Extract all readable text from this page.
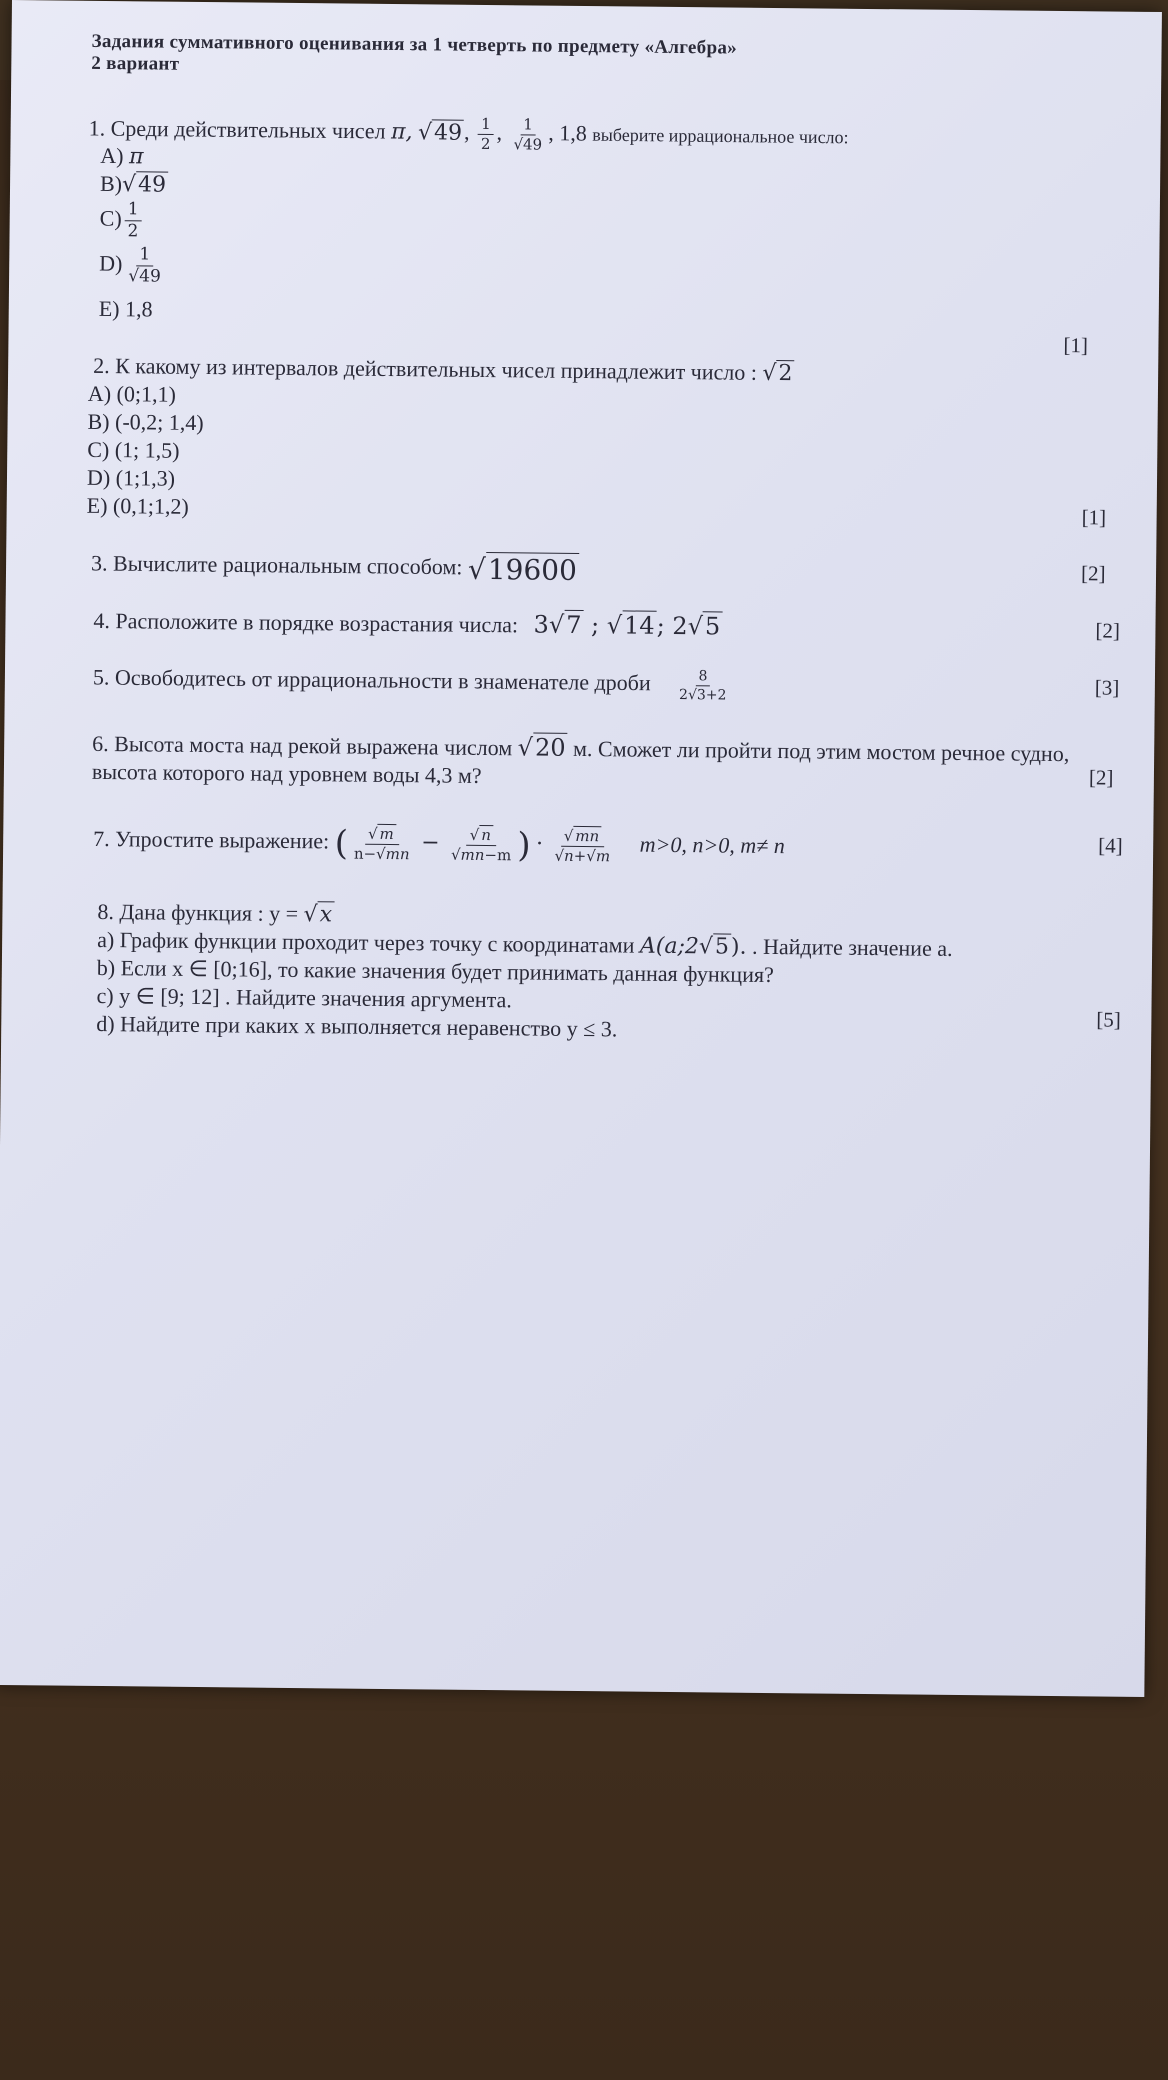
Задания суммативного оценивания за 1 четверть по предмету «Алгебра»
2 вариант
1. Среди действительных чисел π, √49, $\frac{1}{2}$ , $\frac{1}{√49}$ , 1,8 выберите иррациональное число:
A) π
B)√49
$C) \frac{1}{2}$
$D) \frac{1}{√49}$
E) 1,8
[1]
2. К какому из интервалов действительных чисел принадлежит число : √2
A) (0;1,1)
B) (-0,2; 1,4)
C) (1; 1,5)
D) (1;1,3)
E) (0,1;1,2)	[1]
3. Вычислите рациональным способом: √19600	[2]
4. Расположите в порядке возрастания числа: 3√7 ; √14; 2√5	[2]
5. Освободитесь от иррациональности в знаменателе дроби $\frac{8}{2√3+2}$	[3]
6. Высота моста над рекой выражена числом √20 м. Сможет ли пройти под этим мостом речное судно,
высота которого над уровнем воды 4,3 м?	[2]
7. Упростите выражение: ( $\frac{√ m}{n-√mn} - \frac{√ n}{√mn-m}$ ) · $\frac{√ mn}{√n+√m} m>0$, n>0, m≠ n	[4]
8. Дана функция : y = √x
a) График функции проходит через точку с координатами A(a;2√5). . Найдите значение a.
b) Если x ∈ [0;16], то какие значения будет принимать данная функция?
c) y ∈ [9; 12] . Найдите значения аргумента.
d) Найдите при каких x выполняется неравенство y ≤ 3.	[5]
